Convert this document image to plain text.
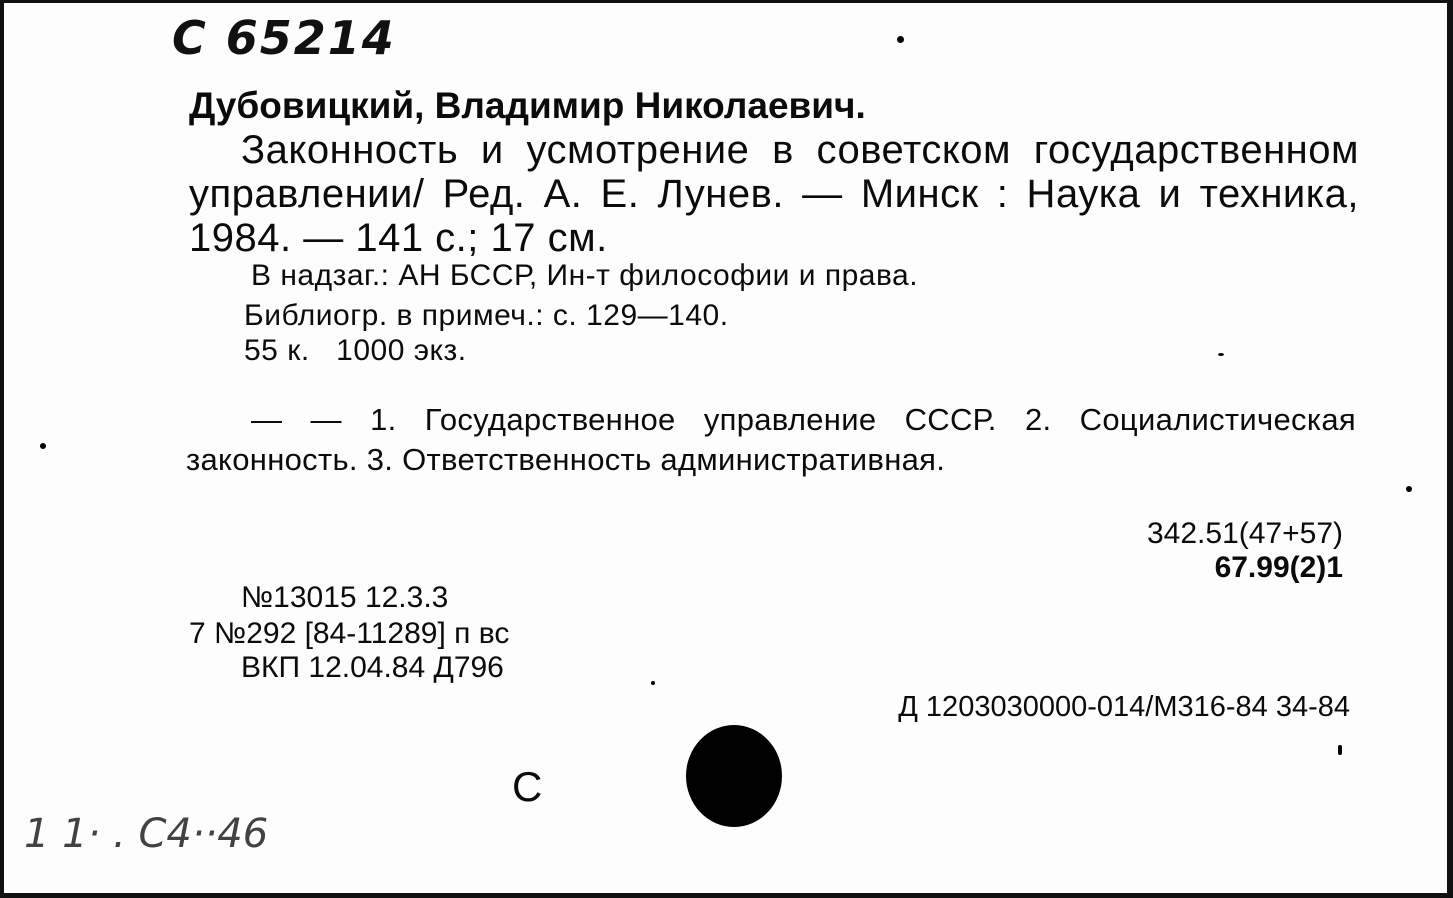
С 65214
Дубовицкий, Владимир Николаевич.
Законность и усмотрение в советском государственном управлении/ Ред. А. Е. Лунев. — Минск : Наука и техника, 1984. — 141 с.; 17 см.
В надзаг.: АН БССР, Ин-т философии и права.
Библиогр. в примеч.: с. 129—140.
55 к.   1000 экз.
— — 1. Государственное управление СССР. 2. Социалистическая законность. 3. Ответственность административная.
342.51(47+57)
67.99(2)1
№13015 12.3.3
7 №292 [84-11289] п вс
ВКП 12.04.84 Д796
Д 1203030000-014/М316-84 34-84
С
1 1· . C4··46
